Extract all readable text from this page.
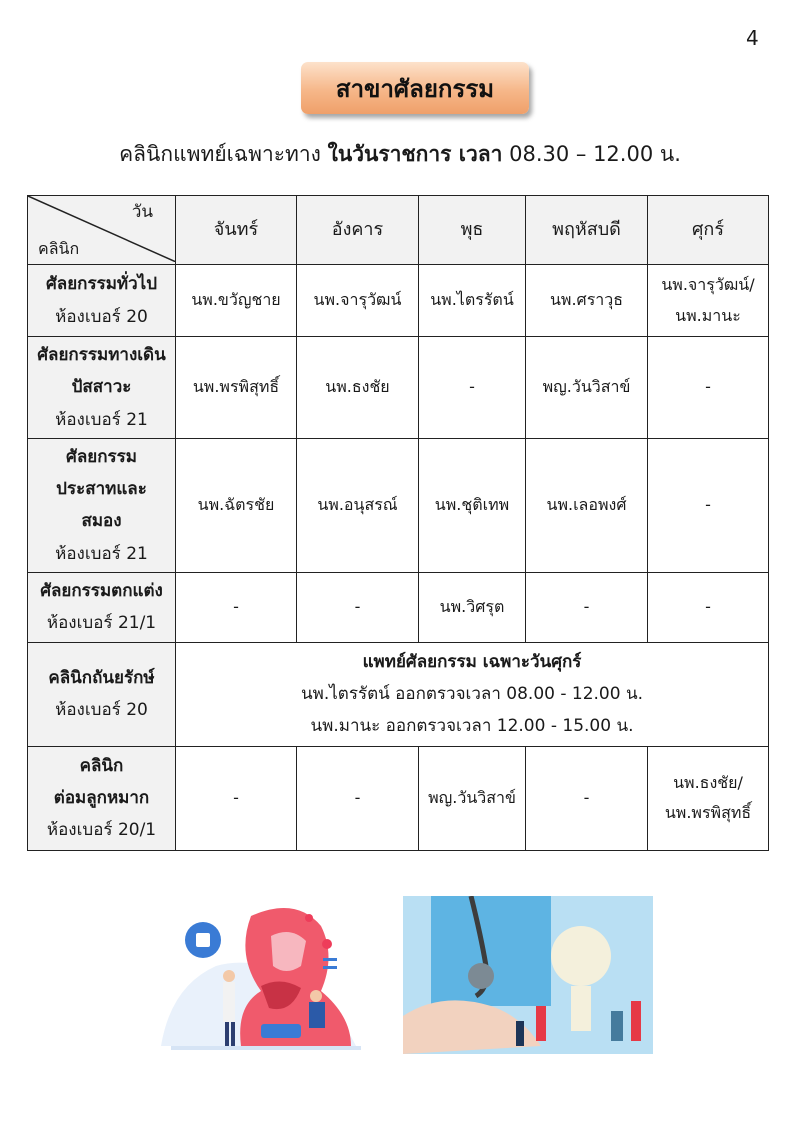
4
สาขาศัลยกรรม
คลินิกแพทย์เฉพาะทาง ในวันราชการ เวลา 08.30 – 12.00 น.
วัน
คลินิก	จันทร์	อังคาร	พุธ	พฤหัสบดี	ศุกร์

ศัลยกรรมทั่วไป
ห้องเบอร์ 20	นพ.ขวัญชาย	นพ.จารุวัฒน์	นพ.ไตรรัตน์	นพ.ศราวุธ	นพ.จารุวัฒน์/
นพ.มานะ

ศัลยกรรมทางเดิน
ปัสสาวะ
ห้องเบอร์ 21	นพ.พรพิสุทธิ์	นพ.ธงชัย	-	พญ.วันวิสาข์	-

ศัลยกรรม
ประสาทและ
สมอง
ห้องเบอร์ 21	นพ.ฉัตรชัย	นพ.อนุสรณ์	นพ.ชุติเทพ	นพ.เลอพงศ์	-

ศัลยกรรมตกแต่ง
ห้องเบอร์ 21/1	-	-	นพ.วิศรุต	-	-

คลินิกถันยรักษ์
ห้องเบอร์ 20	แพทย์ศัลยกรรม เฉพาะวันศุกร์
นพ.ไตรรัตน์ ออกตรวจเวลา 08.00 - 12.00 น.
นพ.มานะ ออกตรวจเวลา 12.00 - 15.00 น.				

คลินิก
ต่อมลูกหมาก
ห้องเบอร์ 20/1	-	-	พญ.วันวิสาข์	-	นพ.ธงชัย/
นพ.พรพิสุทธิ์
